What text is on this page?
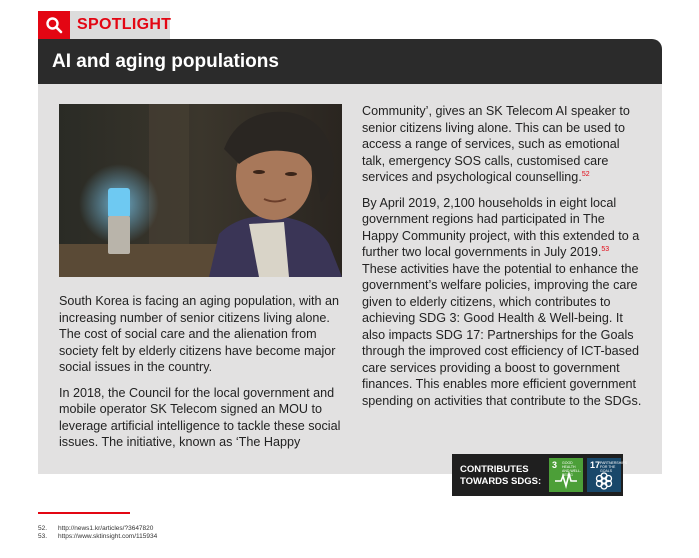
SPOTLIGHT
AI and aging populations

South Korea is facing an aging population, with an increasing number of senior citizens living alone. The cost of social care and the alienation from society felt by elderly citizens have become major social issues in the country.

In 2018, the Council for the local government and mobile operator SK Telecom signed an MOU to leverage artificial intelligence to tackle these social issues. The initiative, known as ‘The Happy

Community’, gives an SK Telecom AI speaker to senior citizens living alone. This can be used to access a range of services, such as emotional talk, emergency SOS calls, customised care services and psychological counselling.$^{52}$

By April 2019, 2,100 households in eight local government regions had participated in The Happy Community project, with this extended to a further two local governments in July 2019.53 These activities have the potential to enhance the government’s welfare policies, improving the care given to elderly citizens, which contributes to achieving SDG 3: Good Health & Well-being. It also impacts SDG 17: Partnerships for the Goals through the improved cost efficiency of ICT-based care services providing a boost to government finances. This enables more efficient government spending on activities that contribute to the SDGs.

CONTRIBUTES
TOWARDS SDGS:
3 GOOD HEALTH AND WELL-BEING
17 PARTNERSHIPS FOR THE GOALS
52. http://news1.kr/articles/?3647820
53. https://www.sktinsight.com/115934
